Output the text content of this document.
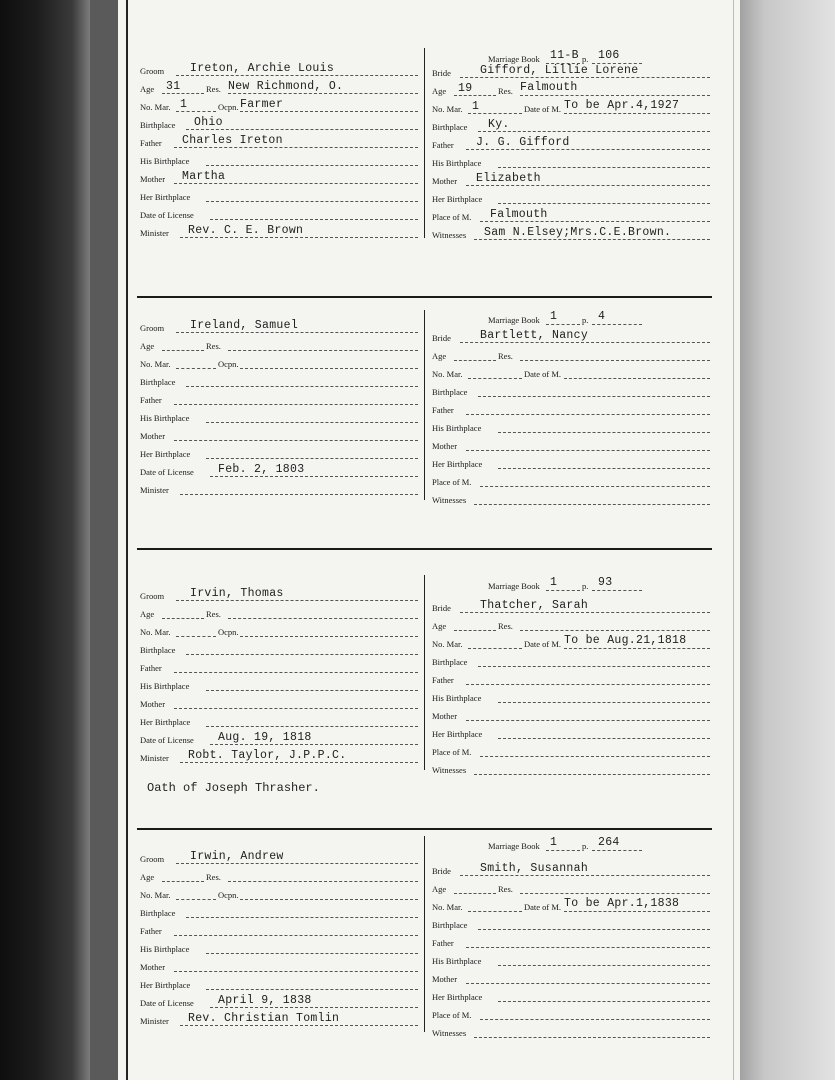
Groom Ireton, Archie Louis
Age 31	Res. New Richmond, O.
No. Mar. 1	Ocpn. Farmer
Birthplace Ohio
Father Charles Ireton
His Birthplace
Mother Martha
Her Birthplace
Date of License
Minister Rev. C. E. Brown
Marriage Book 11-B p. 106
Bride	Gifford, Lillie Lorene
Age 19	Res. Falmouth
No. Mar. 1	Date of M. To be Apr.4,1927
Birthplace Ky.
Father J. G. Gifford
His Birthplace
Mother Elizabeth
Her Birthplace
Place of M. Falmouth
Witnesses Sam N.Elsey;Mrs.C.E.Brown.
Groom Ireland, Samuel
Age	Res.
No. Mar.	Ocpn.
Birthplace
Father
His Birthplace
Mother
Her Birthplace
Date of License Feb. 2, 1803
Minister
Marriage Book 1	p. 4
Bride	Bartlett, Nancy
Age	Res.
No. Mar.	Date of M.
Birthplace
Father
His Birthplace
Mother
Her Birthplace
Place of M.
Witnesses
Groom Irvin, Thomas
Age	Res.
No. Mar.	Ocpn.
Birthplace
Father
His Birthplace
Mother
Her Birthplace
Date of License Aug. 19, 1818
Minister Robt. Taylor, J.P.P.C.
Marriage Book 1	p. 93
Bride	Thatcher, Sarah
Age	Res.
No. Mar.	Date of M. To be Aug.21,1818
Birthplace
Father
His Birthplace
Mother
Her Birthplace
Place of M.
Witnesses
Oath of Joseph Thrasher.
Groom Irwin, Andrew
Age	Res.
No. Mar.	Ocpn.
Birthplace
Father
His Birthplace
Mother
Her Birthplace
Date of License April 9, 1838
Minister Rev. Christian Tomlin
Marriage Book 1	p. 264
Bride	Smith, Susannah
Age	Res.
No. Mar.	Date of M. To be Apr.1,1838
Birthplace
Father
His Birthplace
Mother
Her Birthplace
Place of M.
Witnesses
